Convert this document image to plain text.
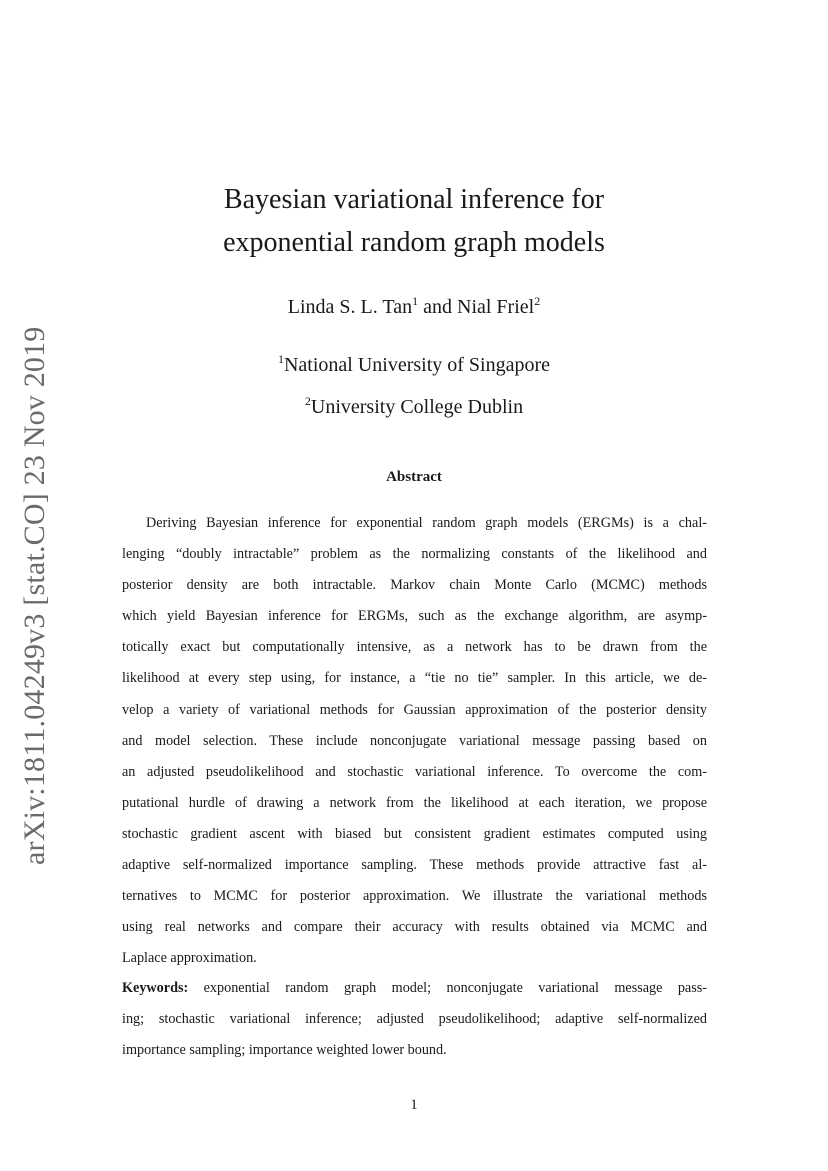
arXiv:1811.04249v3 [stat.CO] 23 Nov 2019
Bayesian variational inference for
exponential random graph models
Linda S. L. Tan$^1$ and Nial Friel$^2$
$^1$National University of Singapore
$^2$University College Dublin
Abstract
Deriving Bayesian inference for exponential random graph models (ERGMs) is a chal-
lenging “doubly intractable” problem as the normalizing constants of the likelihood and
posterior density are both intractable. Markov chain Monte Carlo (MCMC) methods
which yield Bayesian inference for ERGMs, such as the exchange algorithm, are asymp-
totically exact but computationally intensive, as a network has to be drawn from the
likelihood at every step using, for instance, a “tie no tie” sampler. In this article, we de-
velop a variety of variational methods for Gaussian approximation of the posterior density
and model selection. These include nonconjugate variational message passing based on
an adjusted pseudolikelihood and stochastic variational inference. To overcome the com-
putational hurdle of drawing a network from the likelihood at each iteration, we propose
stochastic gradient ascent with biased but consistent gradient estimates computed using
adaptive self-normalized importance sampling. These methods provide attractive fast al-
ternatives to MCMC for posterior approximation. We illustrate the variational methods
using real networks and compare their accuracy with results obtained via MCMC and
Laplace approximation.
Keywords: exponential random graph model; nonconjugate variational message pass-
ing; stochastic variational inference; adjusted pseudolikelihood; adaptive self-normalized
importance sampling; importance weighted lower bound.
1
